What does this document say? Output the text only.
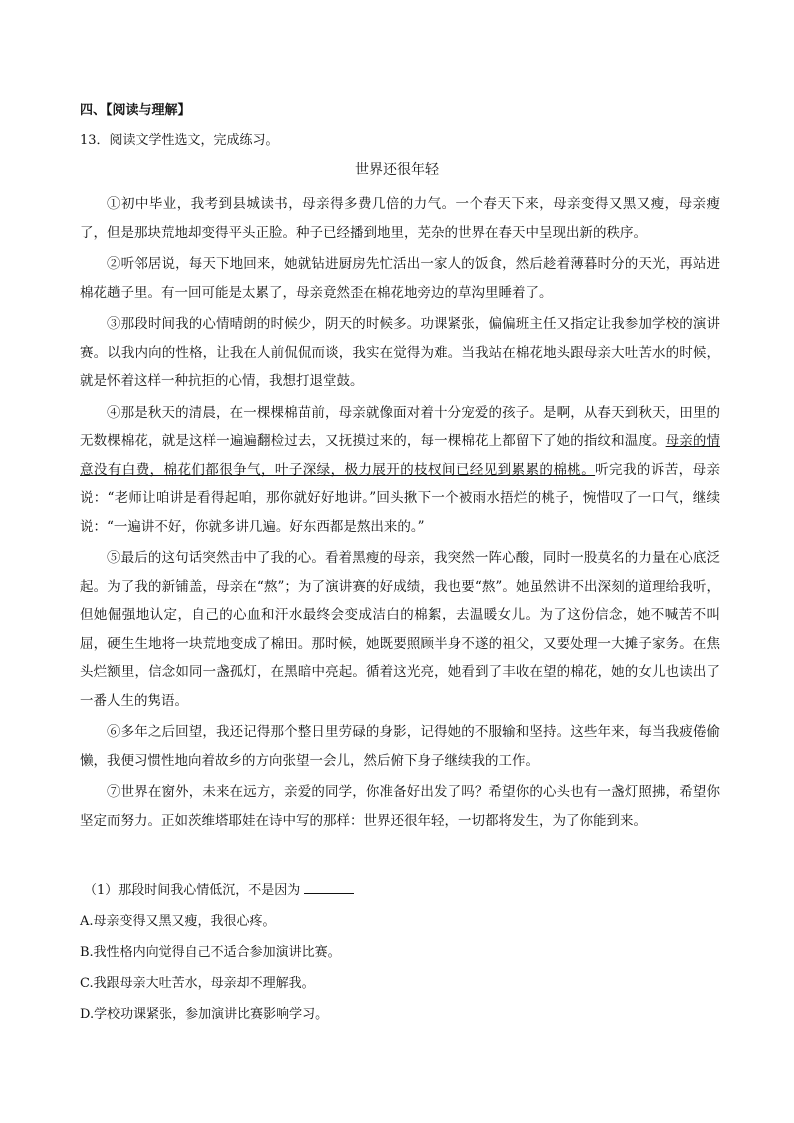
四、【阅读与理解】
13．阅读文学性选文，完成练习。
世界还很年轻

①初中毕业，我考到县城读书，母亲得多费几倍的力气。一个春天下来，母亲变得又黑又瘦，母亲瘦了，但是那块荒地却变得平头正脸。种子已经播到地里，芜杂的世界在春天中呈现出新的秩序。

②听邻居说，每天下地回来，她就钻进厨房先忙活出一家人的饭食，然后趁着薄暮时分的天光，再站进棉花趟子里。有一回可能是太累了，母亲竟然歪在棉花地旁边的草沟里睡着了。

③那段时间我的心情晴朗的时候少，阴天的时候多。功课紧张，偏偏班主任又指定让我参加学校的演讲赛。以我内向的性格，让我在人前侃侃而谈，我实在觉得为难。当我站在棉花地头跟母亲大吐苦水的时候，就是怀着这样一种抗拒的心情，我想打退堂鼓。

④那是秋天的清晨，在一棵棵棉苗前，母亲就像面对着十分宠爱的孩子。是啊，从春天到秋天，田里的无数棵棉花，就是这样一遍遍翻检过去，又抚摸过来的，每一棵棉花上都留下了她的指纹和温度。母亲的情意没有白费，棉花们都很争气，叶子深绿，极力展开的枝杈间已经见到累累的棉桃。听完我的诉苦，母亲说：“老师让咱讲是看得起咱，那你就好好地讲。”回头揪下一个被雨水捂烂的桃子，惋惜叹了一口气，继续说：“一遍讲不好，你就多讲几遍。好东西都是熬出来的。”

⑤最后的这句话突然击中了我的心。看着黑瘦的母亲，我突然一阵心酸，同时一股莫名的力量在心底泛起。为了我的新铺盖，母亲在“熬”；为了演讲赛的好成绩，我也要“熬”。她虽然讲不出深刻的道理给我听，但她倔强地认定，自己的心血和汗水最终会变成洁白的棉絮，去温暖女儿。为了这份信念，她不喊苦不叫屈，硬生生地将一块荒地变成了棉田。那时候，她既要照顾半身不遂的祖父，又要处理一大摊子家务。在焦头烂额里，信念如同一盏孤灯，在黑暗中亮起。循着这光亮，她看到了丰收在望的棉花，她的女儿也读出了一番人生的隽语。

⑥多年之后回望，我还记得那个整日里劳碌的身影，记得她的不服输和坚持。这些年来，每当我疲倦偷懒，我便习惯性地向着故乡的方向张望一会儿，然后俯下身子继续我的工作。

⑦世界在窗外，未来在远方，亲爱的同学，你准备好出发了吗？希望你的心头也有一盏灯照拂，希望你坚定而努力。正如茨维塔耶娃在诗中写的那样：世界还很年轻，一切都将发生，为了你能到来。

（1）那段时间我心情低沉，不是因为

A.母亲变得又黑又瘦，我很心疼。

B.我性格内向觉得自己不适合参加演讲比赛。

C.我跟母亲大吐苦水，母亲却不理解我。

D.学校功课紧张，参加演讲比赛影响学习。
